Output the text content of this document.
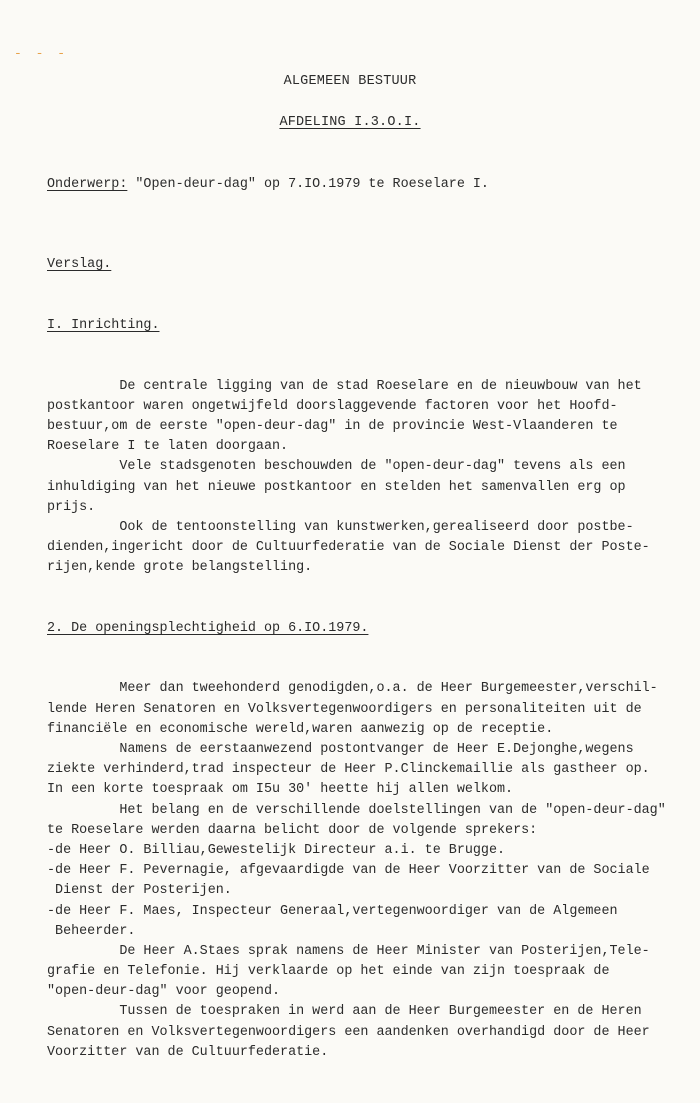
- - -
ALGEMEEN BESTUUR
AFDELING I.3.O.I.
Onderwerp: "Open-deur-dag" op 7.IO.1979 te Roeselare I.

Verslag.

I. Inrichting.

De centrale ligging van de stad Roeselare en de nieuwbouw van het
postkantoor waren ongetwijfeld doorslaggevende factoren voor het Hoofd-
bestuur,om de eerste "open-deur-dag" in de provincie West-Vlaanderen te
Roeselare I te laten doorgaan.
Vele stadsgenoten beschouwden de "open-deur-dag" tevens als een
inhuldiging van het nieuwe postkantoor en stelden het samenvallen erg op
prijs.
Ook de tentoonstelling van kunstwerken,gerealiseerd door postbe-
dienden,ingericht door de Cultuurfederatie van de Sociale Dienst der Poste-
rijen,kende grote belangstelling.

2. De openingsplechtigheid op 6.IO.1979.

Meer dan tweehonderd genodigden,o.a. de Heer Burgemeester,verschil-
lende Heren Senatoren en Volksvertegenwoordigers en personaliteiten uit de
financiële en economische wereld,waren aanwezig op de receptie.
Namens de eerstaanwezend postontvanger de Heer E.Dejonghe,wegens
ziekte verhinderd,trad inspecteur de Heer P.Clinckemaillie als gastheer op.
In een korte toespraak om I5u 30' heette hij allen welkom.
Het belang en de verschillende doelstellingen van de "open-deur-dag"
te Roeselare werden daarna belicht door de volgende sprekers:
-de Heer O. Billiau,Gewestelijk Directeur a.i. te Brugge.
-de Heer F. Pevernagie, afgevaardigde van de Heer Voorzitter van de Sociale
Dienst der Posterijen.
-de Heer F. Maes, Inspecteur Generaal,vertegenwoordiger van de Algemeen
Beheerder.
De Heer A.Staes sprak namens de Heer Minister van Posterijen,Tele-
grafie en Telefonie. Hij verklaarde op het einde van zijn toespraak de
"open-deur-dag" voor geopend.
Tussen de toespraken in werd aan de Heer Burgemeester en de Heren
Senatoren en Volksvertegenwoordigers een aandenken overhandigd door de Heer
Voorzitter van de Cultuurfederatie.
